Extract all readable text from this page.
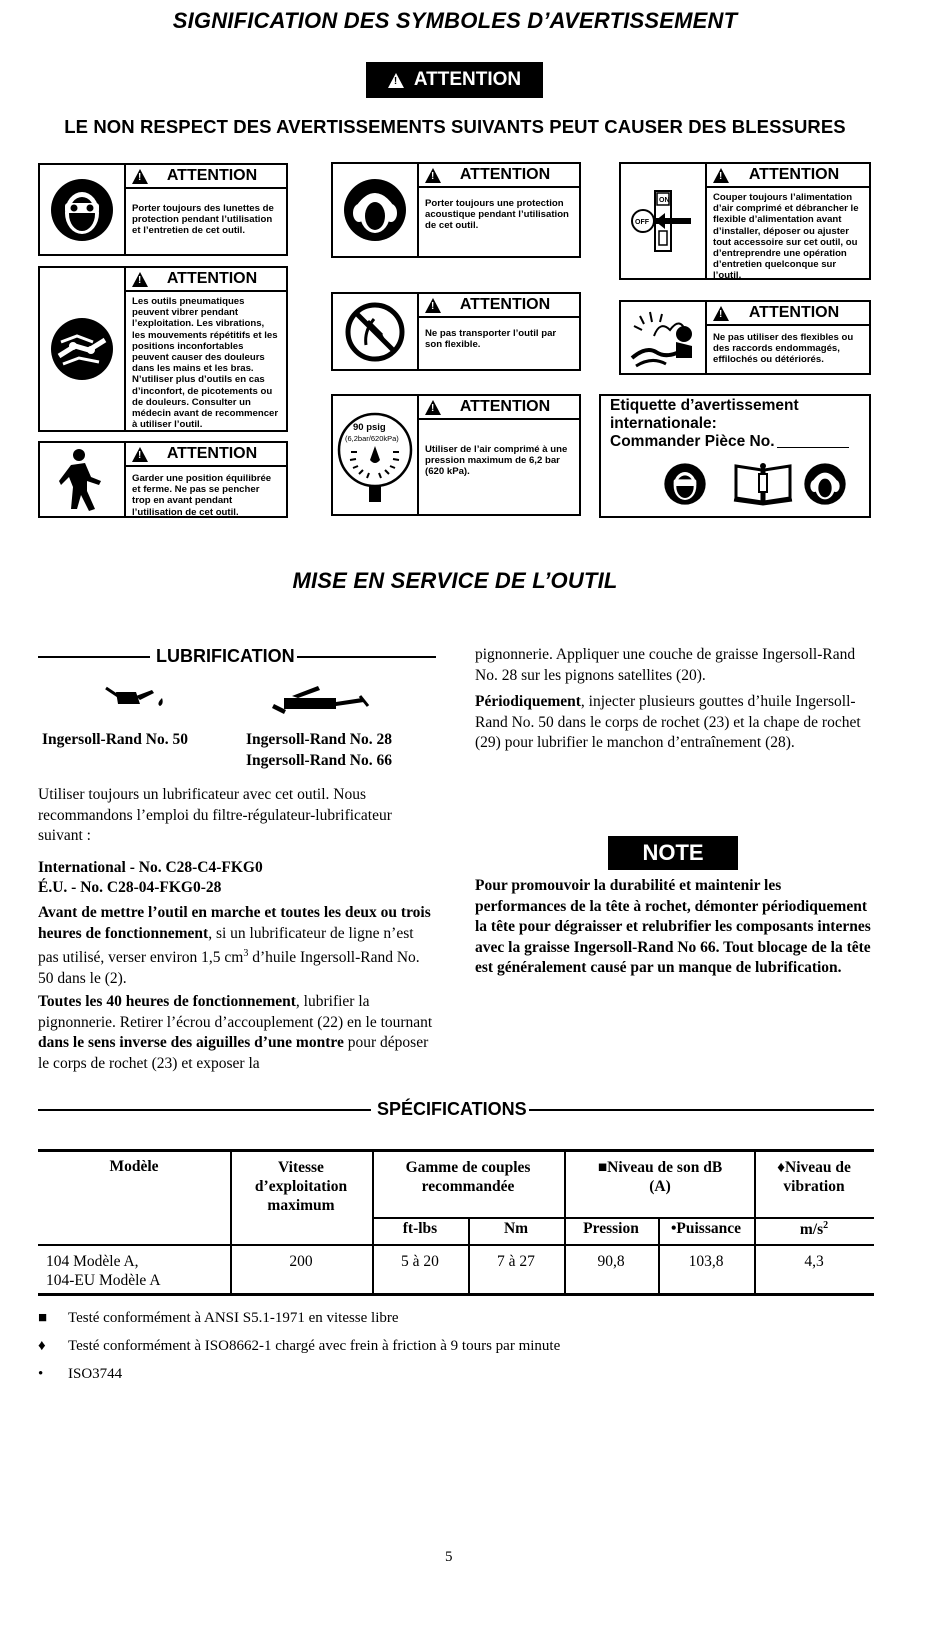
SIGNIFICATION DES SYMBOLES D’AVERTISSEMENT
!
ATTENTION
LE NON RESPECT DES AVERTISSEMENTS SUIVANTS PEUT CAUSER DES BLESSURES
!
ATTENTION
Porter toujours des lunettes de protection pendant l’utilisation et l’entretien de cet outil.
!
ATTENTION
Porter toujours une protection acoustique pendant l’utilisation de cet outil.
ON
OFF
!
ATTENTION
Couper toujours l’alimentation d’air comprimé et débrancher le flexible d’alimentation avant d’installer, déposer ou ajuster tout accessoire sur cet outil, ou d’entreprendre une opération d’entretien quelconque sur l’outil.
!
ATTENTION
Les outils pneumatiques peuvent vibrer pendant l’exploitation. Les vibrations, les mouvements répétitifs et les positions inconfortables peuvent causer des douleurs dans les mains et les bras. N’utiliser plus d’outils en cas d’inconfort, de picotements ou de douleurs. Consulter un médecin avant de recommencer à utiliser l’outil.
!
ATTENTION
Ne pas transporter l’outil par son flexible.
!
ATTENTION
Ne pas utiliser des flexibles ou des raccords endommagés, effilochés ou détériorés.
!
ATTENTION
Garder une position équilibrée et ferme. Ne pas se pencher trop en avant pendant l’utilisation de cet outil.
90 psig
(6,2bar/620kPa)
!
ATTENTION
Utiliser de l’air comprimé à une pression maximum de 6,2 bar (620 kPa).
Etiquette d’avertissement
internationale:
Commander Pièce No.
MISE EN SERVICE DE L’OUTIL
LUBRIFICATION
Ingersoll-Rand No. 50	Ingersoll-Rand No. 28
Ingersoll-Rand No. 66
Utiliser toujours un lubrificateur avec cet outil. Nous recommandons l’emploi du filtre-régulateur-lubrificateur suivant :
International - No. C28-C4-FKG0
É.U. - No. C28-04-FKG0-28
Avant de mettre l’outil en marche et toutes les deux ou trois heures de fonctionnement, si un lubrificateur de ligne n’est pas utilisé, verser environ 1,5 $cm^3$ d’huile Ingersoll-Rand No. 50 dans le (2).
Toutes les 40 heures de fonctionnement, lubrifier la pignonnerie. Retirer l’écrou d’accouplement (22) en le tournant dans le sens inverse des aiguilles d’une montre pour déposer le corps de rochet (23) et exposer la
pignonnerie. Appliquer une couche de graisse Ingersoll-Rand No. 28 sur les pignons satellites (20).
Périodiquement, injecter plusieurs gouttes d’huile Ingersoll-Rand No. 50 dans le corps de rochet (23) et la chape de rochet (29) pour lubrifier le manchon d’entraînement (28).
NOTE
Pour promouvoir la durabilité et maintenir les performances de la tête à rochet, démonter périodiquement la tête pour dégraisser et relubrifier les composants internes avec la graisse Ingersoll-Rand No 66. Tout blocage de la tête est généralement causé par un manque de lubrification.
SPÉCIFICATIONS
Modèle	Vitesse d’exploitation maximum
Gamme de couples recommandée
■Niveau de son dB (A)
♦Niveau de vibration
ft-lbs	Nm	Pression	•Puissance	$m/s^2$
104 Modèle A,
104-EU Modèle A
200	5 à 20	7 à 27	90,8	103,8	4,3
■ Testé conformément à ANSI S5.1-1971 en vitesse libre
♦ Testé conformément à ISO8662-1 chargé avec frein à friction à 9 tours par minute
• ISO3744
5
